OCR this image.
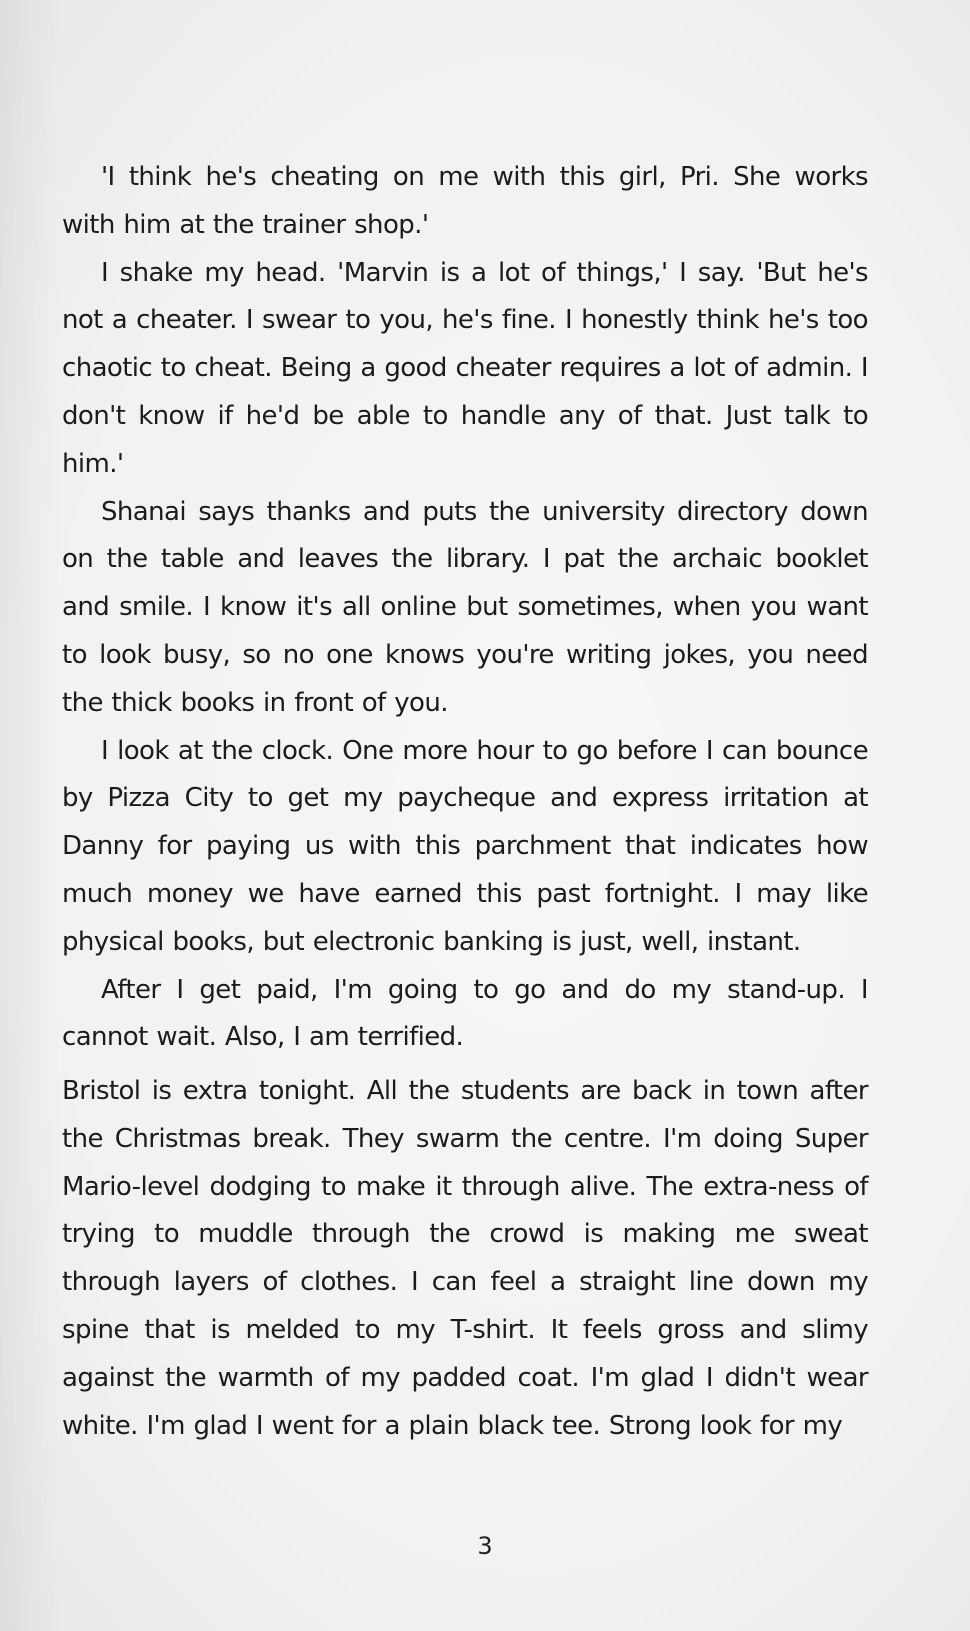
'I think he's cheating on me with this girl, Pri. She works with him at the trainer shop.'

I shake my head. 'Marvin is a lot of things,' I say. 'But he's not a cheater. I swear to you, he's fine. I honestly think he's too chaotic to cheat. Being a good cheater requires a lot of admin. I don't know if he'd be able to handle any of that. Just talk to him.'

Shanai says thanks and puts the university directory down on the table and leaves the library. I pat the archaic booklet and smile. I know it's all online but sometimes, when you want to look busy, so no one knows you're writing jokes, you need the thick books in front of you.

I look at the clock. One more hour to go before I can bounce by Pizza City to get my paycheque and express irritation at Danny for paying us with this parchment that indicates how much money we have earned this past fortnight. I may like physical books, but electronic banking is just, well, instant.

After I get paid, I'm going to go and do my stand-up. I cannot wait. Also, I am terrified.

Bristol is extra tonight. All the students are back in town after the Christmas break. They swarm the centre. I'm doing Super Mario-level dodging to make it through alive. The extra-ness of trying to muddle through the crowd is making me sweat through layers of clothes. I can feel a straight line down my spine that is melded to my T-shirt. It feels gross and slimy against the warmth of my padded coat. I'm glad I didn't wear white. I'm glad I went for a plain black tee. Strong look for my

3
